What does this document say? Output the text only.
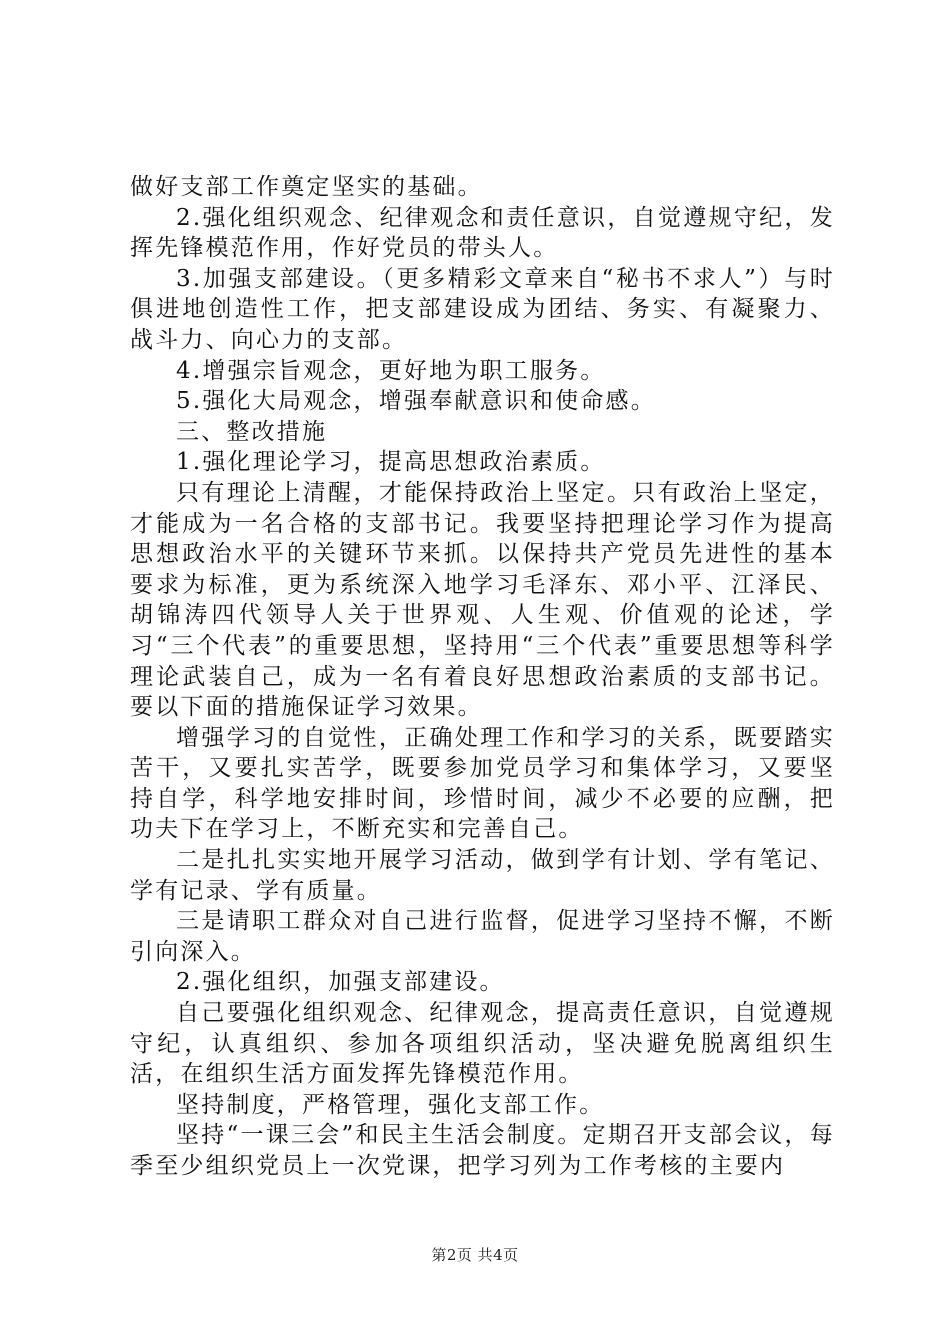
做好支部工作奠定坚实的基础。

2.强化组织观念、纪律观念和责任意识，自觉遵规守纪，发挥先锋模范作用，作好党员的带头人。

3.加强支部建设。（更多精彩文章来自“秘书不求人”）与时俱进地创造性工作，把支部建设成为团结、务实、有凝聚力、战斗力、向心力的支部。

4.增强宗旨观念，更好地为职工服务。

5.强化大局观念，增强奉献意识和使命感。

三、整改措施

1.强化理论学习，提高思想政治素质。

只有理论上清醒，才能保持政治上坚定。只有政治上坚定，才能成为一名合格的支部书记。我要坚持把理论学习作为提高思想政治水平的关键环节来抓。以保持共产党员先进性的基本要求为标准，更为系统深入地学习毛泽东、邓小平、江泽民、胡锦涛四代领导人关于世界观、人生观、价值观的论述，学习“三个代表”的重要思想，坚持用“三个代表”重要思想等科学理论武装自己，成为一名有着良好思想政治素质的支部书记。要以下面的措施保证学习效果。

增强学习的自觉性，正确处理工作和学习的关系，既要踏实苦干，又要扎实苦学，既要参加党员学习和集体学习，又要坚持自学，科学地安排时间，珍惜时间，减少不必要的应酬，把功夫下在学习上，不断充实和完善自己。

二是扎扎实实地开展学习活动，做到学有计划、学有笔记、学有记录、学有质量。

三是请职工群众对自己进行监督，促进学习坚持不懈，不断引向深入。

2.强化组织，加强支部建设。

自己要强化组织观念、纪律观念，提高责任意识，自觉遵规守纪，认真组织、参加各项组织活动，坚决避免脱离组织生活，在组织生活方面发挥先锋模范作用。

坚持制度，严格管理，强化支部工作。

坚持“一课三会”和民主生活会制度。定期召开支部会议，每季至少组织党员上一次党课，把学习列为工作考核的主要内

第2页 共4页
